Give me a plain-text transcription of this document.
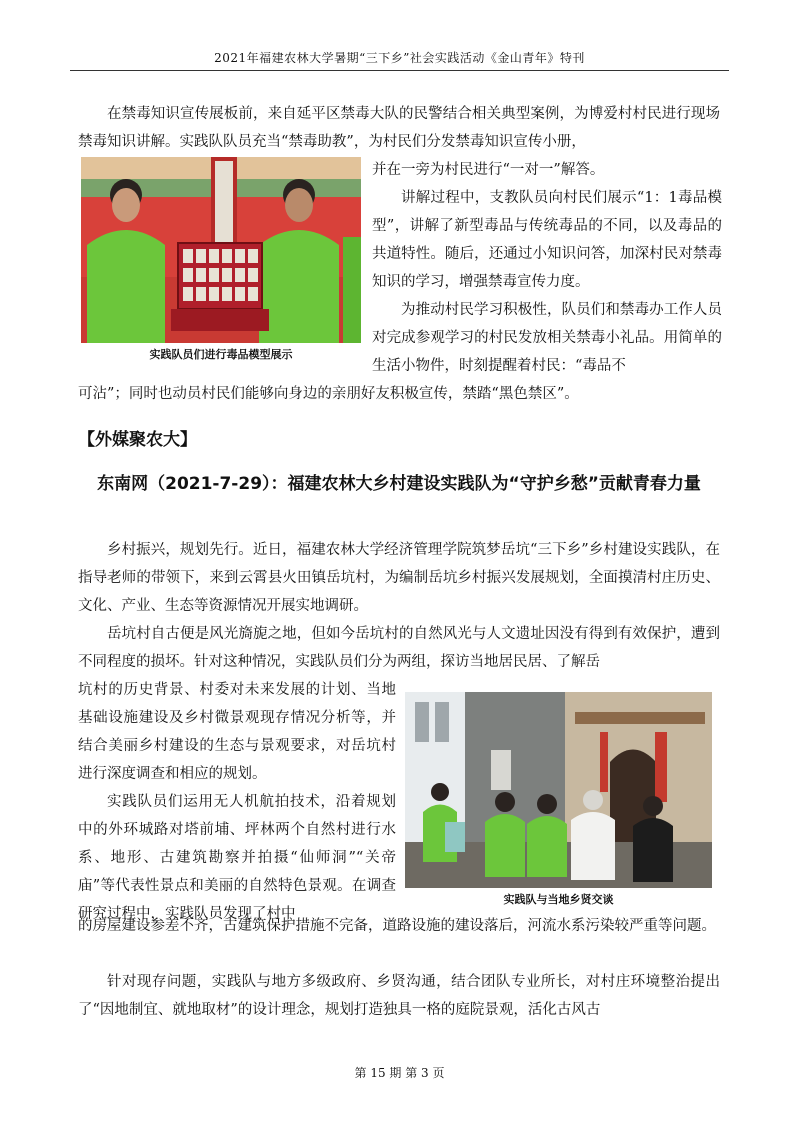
2021年福建农林大学暑期“三下乡”社会实践活动《金山青年》特刊

在禁毒知识宣传展板前，来自延平区禁毒大队的民警结合相关典型案例，为博爱村村民进行现场禁毒知识讲解。实践队队员充当“禁毒助教”，为村民们分发禁毒知识宣传小册，

实践队员们进行毒品模型展示

并在一旁为村民进行“一对一”解答。

讲解过程中，支教队员向村民们展示“1：1毒品模型”，讲解了新型毒品与传统毒品的不同，以及毒品的共道特性。随后，还通过小知识问答，加深村民对禁毒知识的学习，增强禁毒宣传力度。

为推动村民学习积极性，队员们和禁毒办工作人员对完成参观学习的村民发放相关禁毒小礼品。用简单的生活小物件，时刻提醒着村民：“毒品不

可沾”；同时也动员村民们能够向身边的亲朋好友积极宣传，禁踏“黑色禁区”。

【外媒聚农大】
东南网（2021-7-29）：福建农林大乡村建设实践队为“守护乡愁”贡献青春力量

乡村振兴，规划先行。近日，福建农林大学经济管理学院筑梦岳坑“三下乡”乡村建设实践队，在指导老师的带领下，来到云霄县火田镇岳坑村，为编制岳坑乡村振兴发展规划，全面摸清村庄历史、文化、产业、生态等资源情况开展实地调研。

岳坑村自古便是风光旖旎之地，但如今岳坑村的自然风光与人文遗址因没有得到有效保护，遭到不同程度的损坏。针对这种情况，实践队员们分为两组，探访当地居民居、了解岳

坑村的历史背景、村委对未来发展的计划、当地基础设施建设及乡村微景观现存情况分析等，并结合美丽乡村建设的生态与景观要求，对岳坑村进行深度调查和相应的规划。

实践队员们运用无人机航拍技术，沿着规划中的外环城路对塔前埔、坪林两个自然村进行水系、地形、古建筑勘察并拍摄“仙师洞”“关帝庙”等代表性景点和美丽的自然特色景观。在调查研究过程中，实践队员发现了村中

实践队与当地乡贤交谈

的房屋建设参差不齐，古建筑保护措施不完备，道路设施的建设落后，河流水系污染较严重等问题。

针对现存问题，实践队与地方多级政府、乡贤沟通，结合团队专业所长，对村庄环境整治提出了“因地制宜、就地取材”的设计理念，规划打造独具一格的庭院景观，活化古风古

第 15 期 第 3 页
